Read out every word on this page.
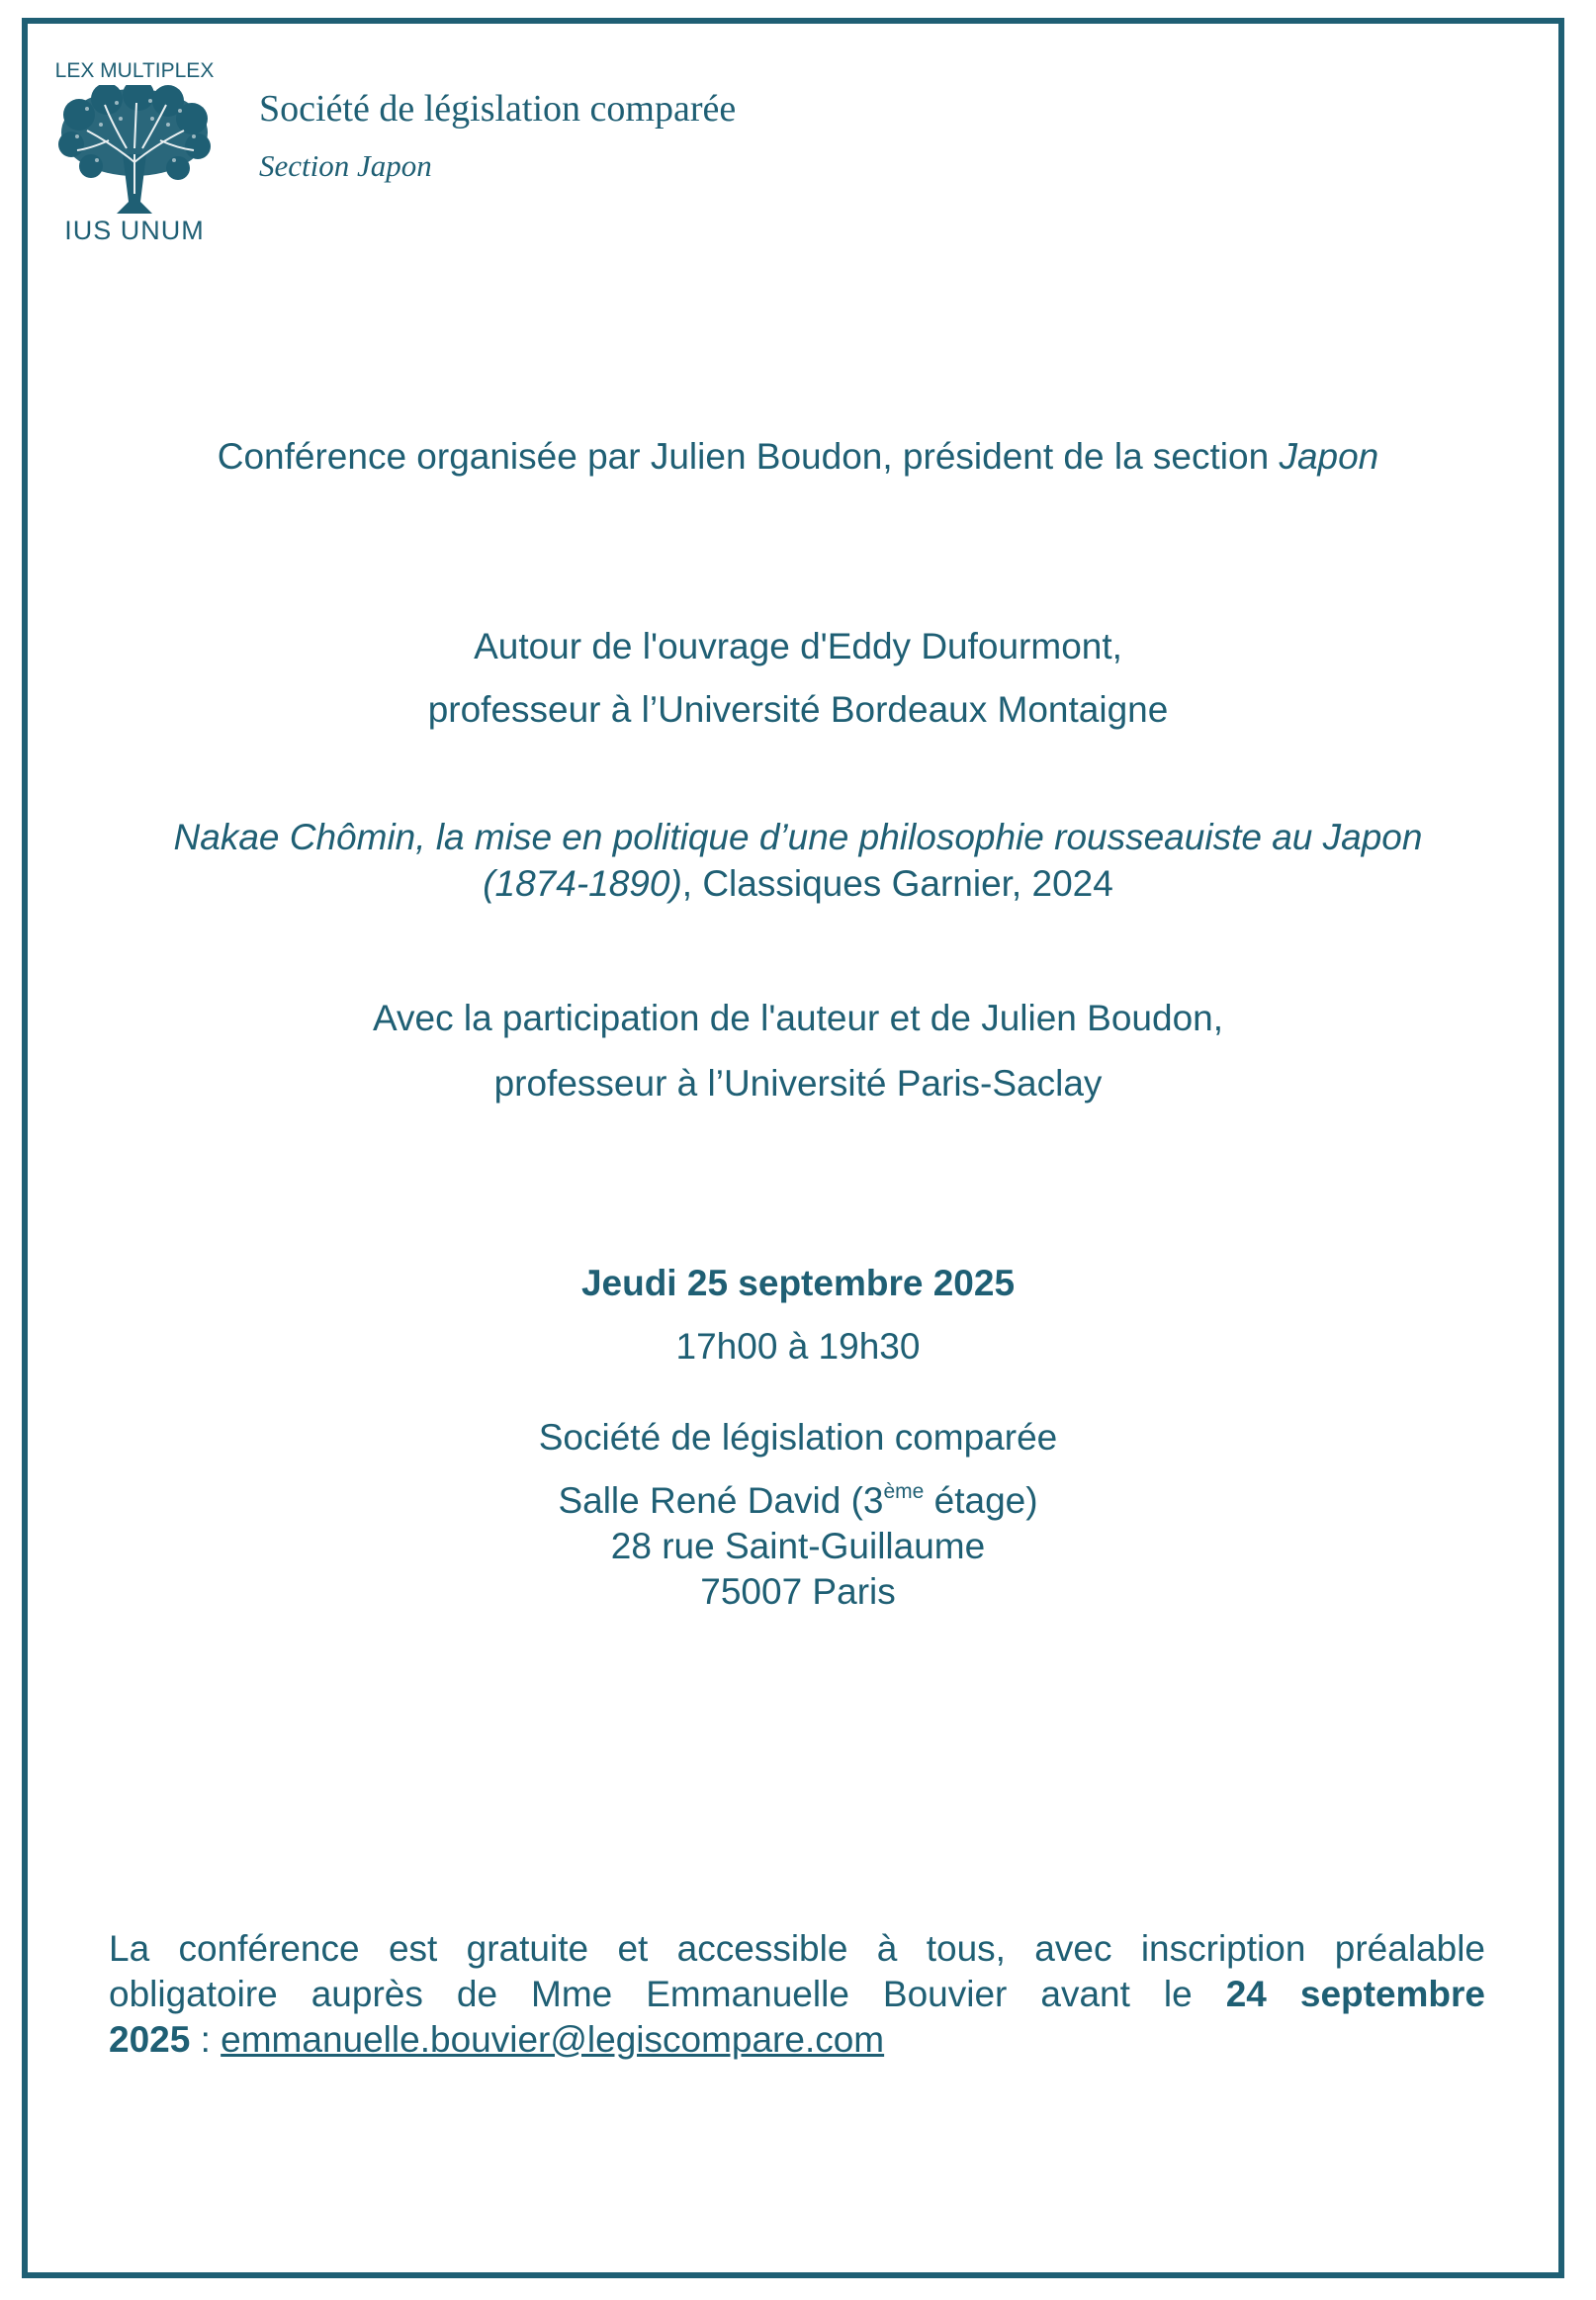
LEX MULTIPLEX
IUS UNUM
Société de législation comparée
Section Japon
Conférence organisée par Julien Boudon, président de la section Japon
Autour de l'ouvrage d'Eddy Dufourmont,
professeur à l’Université Bordeaux Montaigne
Nakae Chômin, la mise en politique d’une philosophie rousseauiste au Japon
(1874-1890), Classiques Garnier, 2024
Avec la participation de l'auteur et de Julien Boudon,
professeur à l’Université Paris-Saclay
Jeudi 25 septembre 2025
17h00 à 19h30
Société de législation comparée
Salle René David (3ème étage)
28 rue Saint-Guillaume
75007 Paris
La conférence est gratuite et accessible à tous, avec inscription préalable
obligatoire auprès de Mme Emmanuelle Bouvier avant le 24 septembre
2025 : emmanuelle.bouvier@legiscompare.com
